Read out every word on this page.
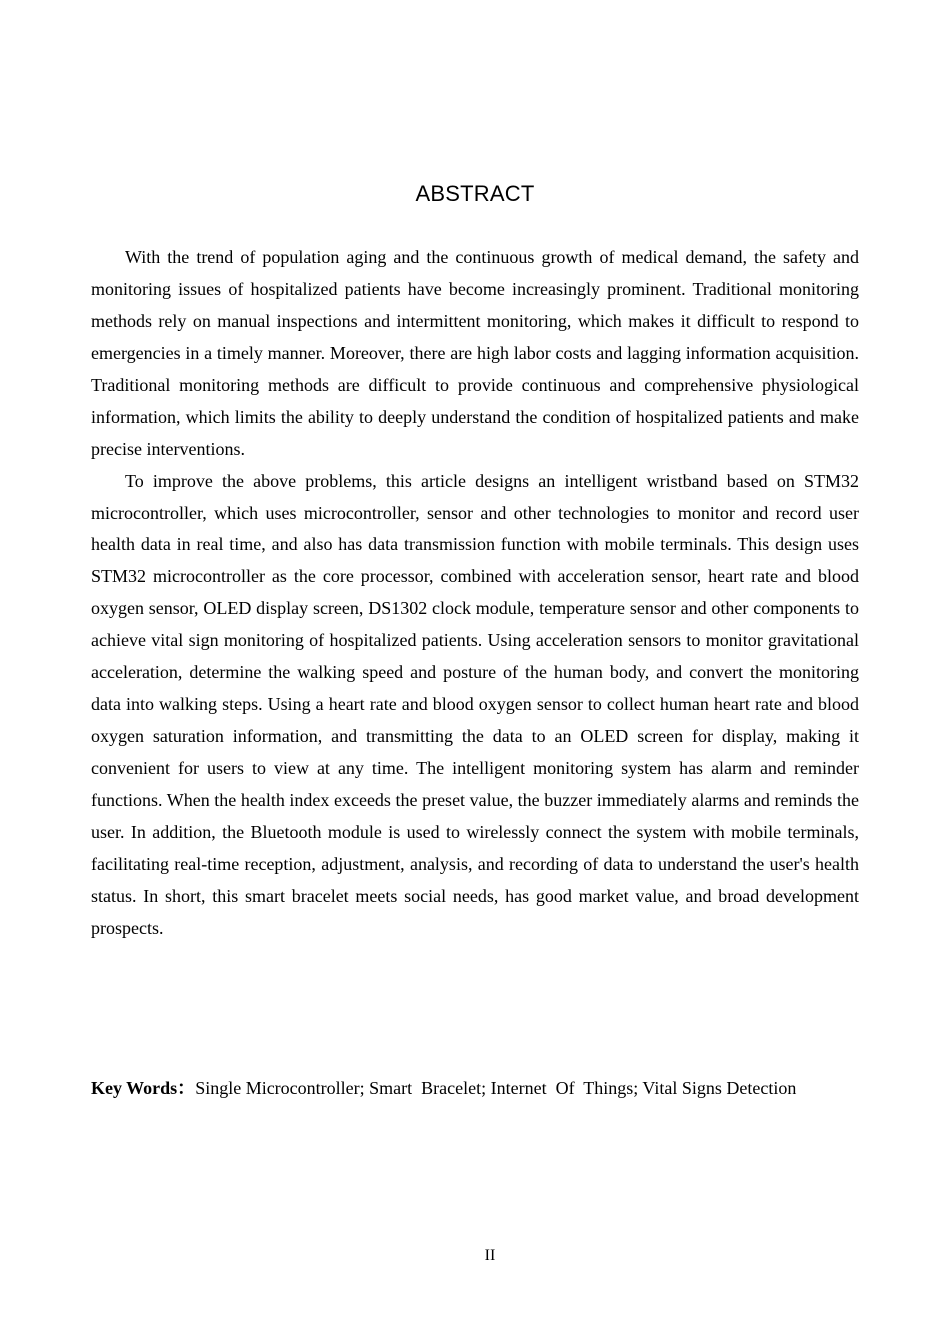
ABSTRACT

With the trend of population aging and the continuous growth of medical demand, the safety and monitoring issues of hospitalized patients have become increasingly prominent. Traditional monitoring methods rely on manual inspections and intermittent monitoring, which makes it difficult to respond to emergencies in a timely manner. Moreover, there are high labor costs and lagging information acquisition. Traditional monitoring methods are difficult to provide continuous and comprehensive physiological information, which limits the ability to deeply understand the condition of hospitalized patients and make precise interventions.

To improve the above problems, this article designs an intelligent wristband based on STM32 microcontroller, which uses microcontroller, sensor and other technologies to monitor and record user health data in real time, and also has data transmission function with mobile terminals. This design uses STM32 microcontroller as the core processor, combined with acceleration sensor, heart rate and blood oxygen sensor, OLED display screen, DS1302 clock module, temperature sensor and other components to achieve vital sign monitoring of hospitalized patients. Using acceleration sensors to monitor gravitational acceleration, determine the walking speed and posture of the human body, and convert the monitoring data into walking steps. Using a heart rate and blood oxygen sensor to collect human heart rate and blood oxygen saturation information, and transmitting the data to an OLED screen for display, making it convenient for users to view at any time. The intelligent monitoring system has alarm and reminder functions. When the health index exceeds the preset value, the buzzer immediately alarms and reminds the user. In addition, the Bluetooth module is used to wirelessly connect the system with mobile terminals, facilitating real-time reception, adjustment, analysis, and recording of data to understand the user's health status. In short, this smart bracelet meets social needs, has good market value, and broad development prospects.

Key Words：Single Microcontroller; Smart  Bracelet; Internet  Of  Things; Vital Signs Detection
II
